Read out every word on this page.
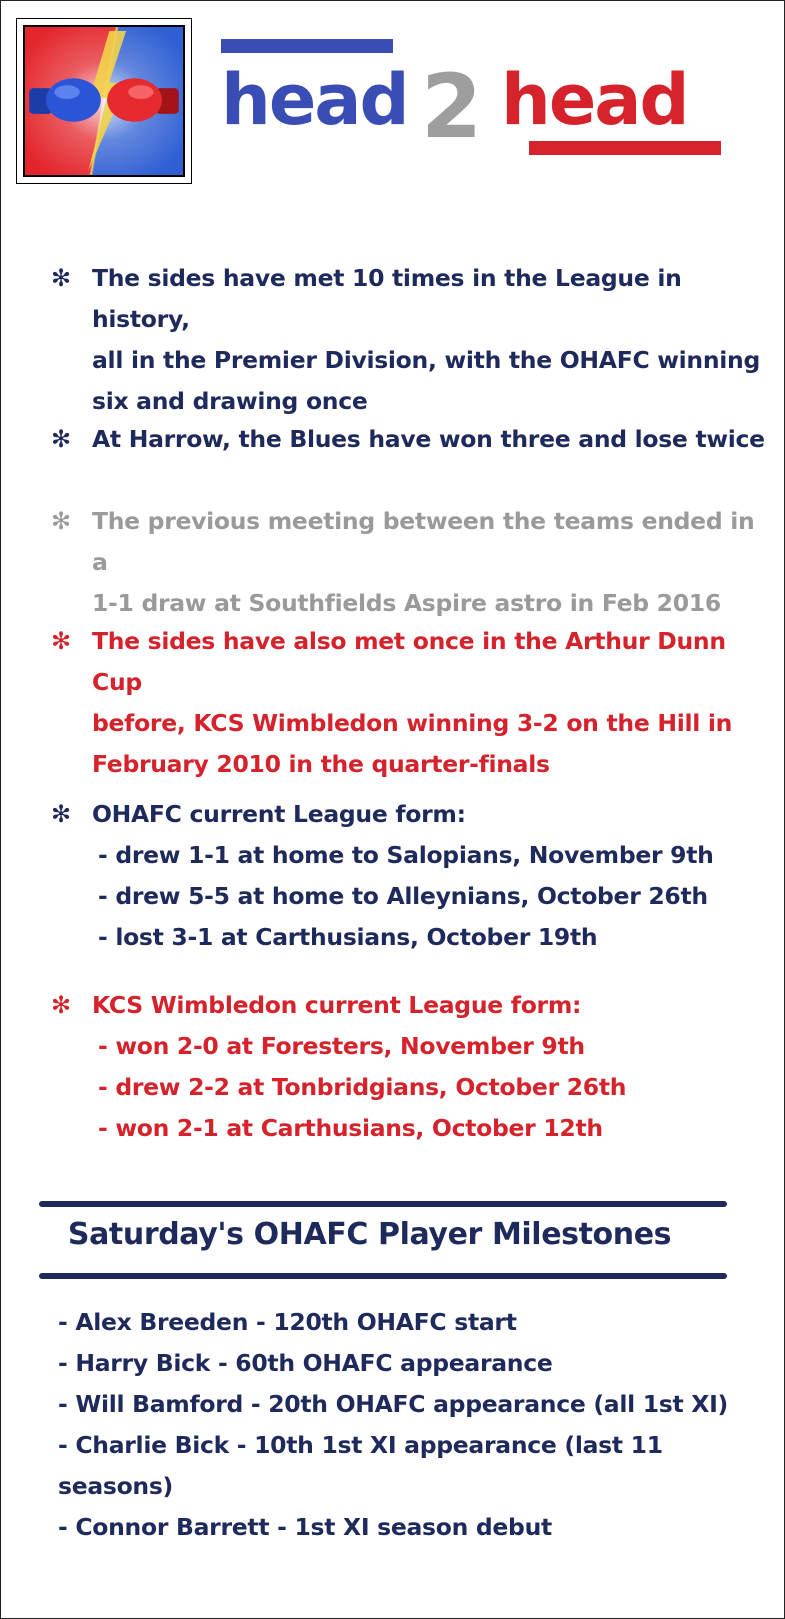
head 2 head
✻ The sides have met 10 times in the League in history,
all in the Premier Division, with the OHAFC winning
six and drawing once
✻ At Harrow, the Blues have won three and lose twice
✻ The previous meeting between the teams ended in a
1-1 draw at Southfields Aspire astro in Feb 2016
✻ The sides have also met once in the Arthur Dunn Cup
before, KCS Wimbledon winning 3-2 on the Hill in
February 2010 in the quarter-finals
✻ OHAFC current League form:
- drew 1-1 at home to Salopians, November 9th
- drew 5-5 at home to Alleynians, October 26th
- lost 3-1 at Carthusians, October 19th
✻ KCS Wimbledon current League form:
- won 2-0 at Foresters, November 9th
- drew 2-2 at Tonbridgians, October 26th
- won 2-1 at Carthusians, October 12th
Saturday's OHAFC Player Milestones
- Alex Breeden - 120th OHAFC start
- Harry Bick - 60th OHAFC appearance
- Will Bamford - 20th OHAFC appearance (all 1st XI)
- Charlie Bick - 10th 1st XI appearance (last 11 seasons)
- Connor Barrett - 1st XI season debut
